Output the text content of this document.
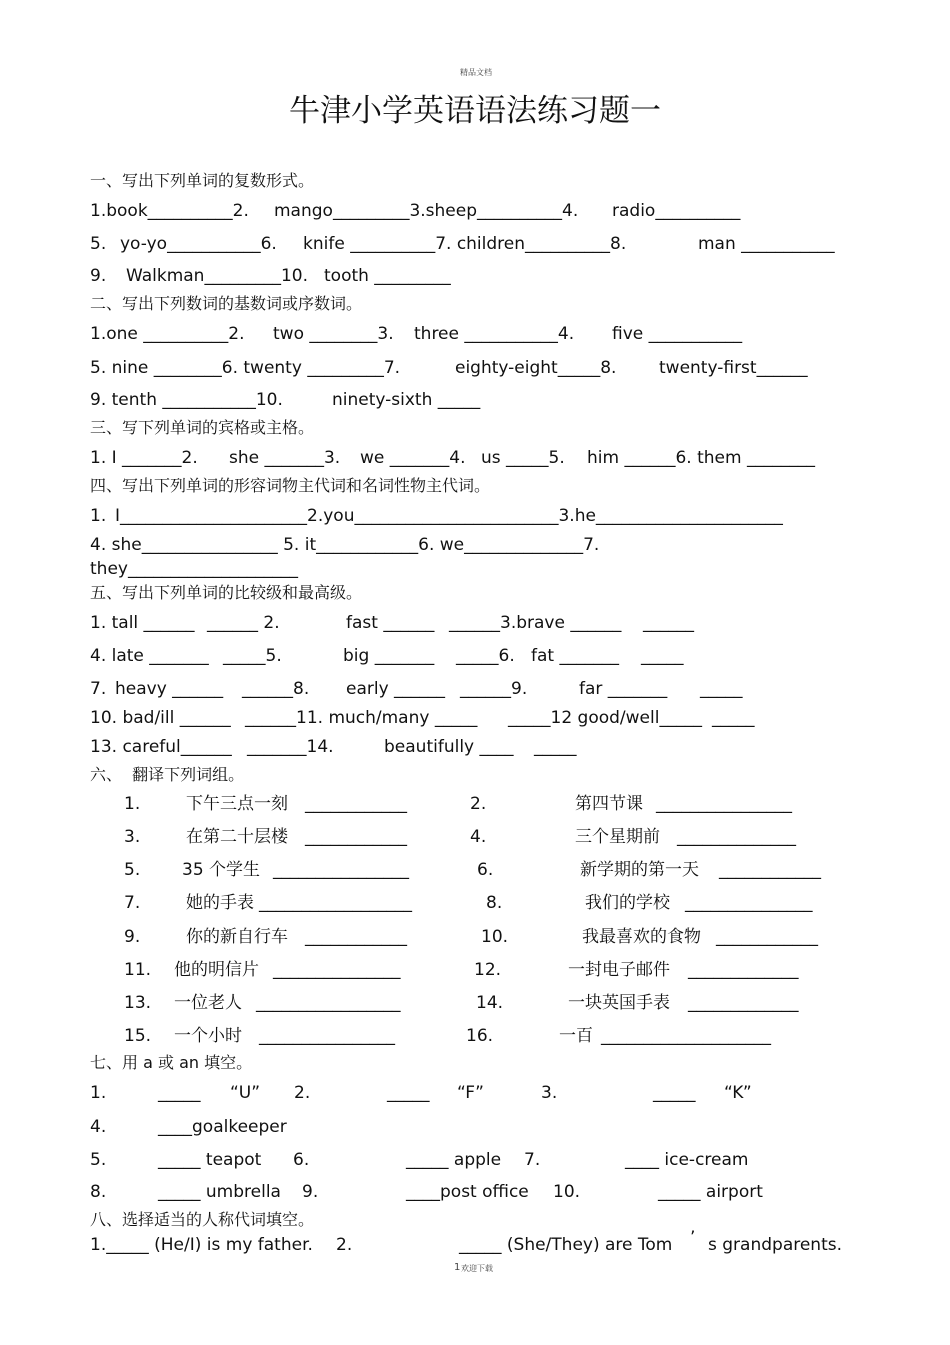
精品文档
牛津小学英语语法练习题一
一、写出下列单词的复数形式。
1.book__________2. mango_________3.sheep__________4. radio__________
5. yo-yo___________6. knife __________7. children__________8.	man ___________
9. Walkman_________10. tooth _________
二、写出下列数词的基数词或序数词。
1.one __________2. two ________3. three ___________4. five ___________
5. nine ________6. twenty _________7.	eighty-eight_____8.	twenty-first______
9. tenth ___________10.	ninety-sixth _____
三、写下列单词的宾格或主格。
1. I _______2. she _______3. we _______4. us _____5. him ______6. them ________
四、写出下列单词的形容词物主代词和名词性物主代词。
1. I______________________2.you________________________3.he______________________
4. she________________ 5. it____________6. we______________7.
they____________________
五、写出下列单词的比较级和最高级。
1. tall ______ ______ 2.	fast ______ ______3.brave ______ ______
4. late _______ _____5.	big _______ _____6. fat _______ _____
7. heavy ______ ______8. early ______ ______9.	far _______ _____
10. bad/ill ______ ______11. much/many _____ _____12 good/well_____ _____
13. careful______ _______14.	beautifully ____ _____
六、  翻译下列词组。
1.	下午三点一刻 ____________	2.	第四节课 ________________
3.	在第二十层楼 ____________	4.	三个星期前 ______________
5. 35 个学生 ________________	6.	新学期的第一天 ____________
7.	她的手表 __________________	8.	我们的学校 _______________
9.	你的新自行车 ____________	10.	我最喜欢的食物 ____________
11. 他的明信片 _______________	12.	一封电子邮件 _____________
13. 一位老人 _________________	14.	一块英国手表 _____________
15. 一个小时 ________________	16.	一百 ____________________
七、用 a 或 an 填空。
1.	_____ “U” 2.	_____ “F”	3.	_____ “K”
4.	____goalkeeper
5.	_____ teapot 6.	_____ apple 7.	____ ice-cream
8.	_____ umbrella 9.	____post office 10.	_____ airport
八、选择适当的人称代词填空。
1._____ (He/I) is my father. 2.	_____ (She/They) are Tom ’ s grandparents.
1 欢迎下载
